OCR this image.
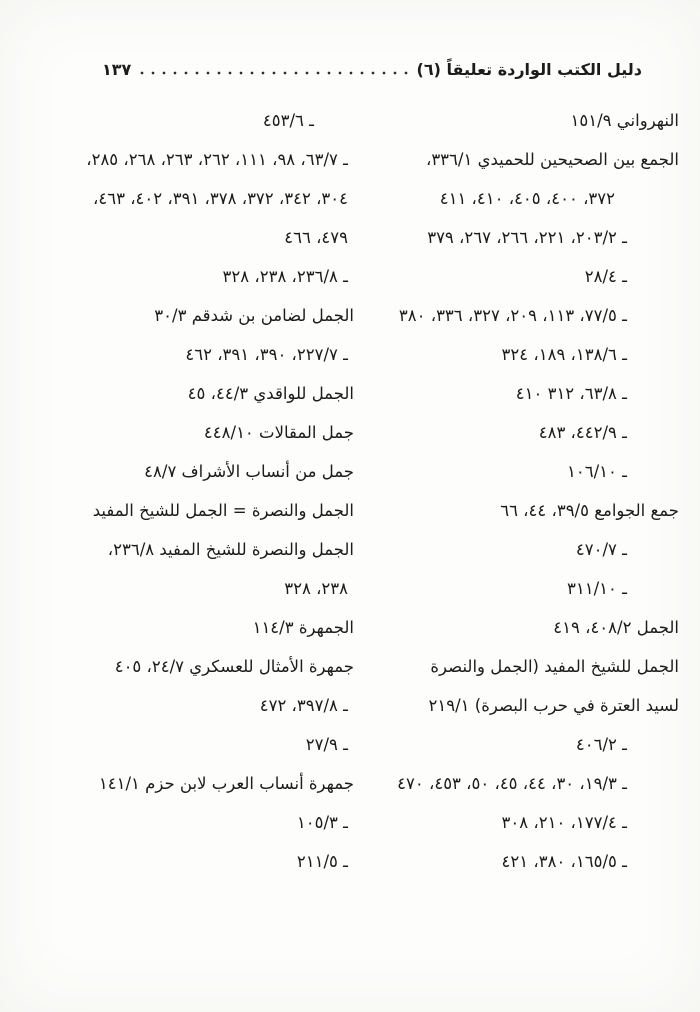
دليل الكتب الواردة تعليقاً (٦)
١٣٧
النهرواني ١٥١/٩
الجمع بين الصحيحين للحميدي ٣٣٦/١،
٣٧٢، ٤٠٠، ٤٠٥، ٤١٠، ٤١١
ـ ٢٠٣/٢، ٢٢١، ٢٦٦، ٢٦٧، ٣٧٩
ـ ٢٨/٤
ـ ٧٧/٥، ١١٣، ٢٠٩، ٣٢٧، ٣٣٦، ٣٨٠
ـ ١٣٨/٦، ١٨٩، ٣٢٤
ـ ٦٣/٨، ٣١٢ ٤١٠
ـ ٤٤٢/٩، ٤٨٣
ـ ١٠٦/١٠
جمع الجوامع ٣٩/٥، ٤٤، ٦٦
ـ ٤٧٠/٧
ـ ٣١١/١٠
الجمل ٤٠٨/٢، ٤١٩
الجمل للشيخ المفيد (الجمل والنصرة
لسيد العترة في حرب البصرة) ٢١٩/١
ـ ٤٠٦/٢
ـ ١٩/٣، ٣٠، ٤٤، ٤٥، ٥٠، ٤٥٣، ٤٧٠
ـ ١٧٧/٤، ٢١٠، ٣٠٨
ـ ١٦٥/٥، ٣٨٠، ٤٢١
ـ ٤٥٣/٦
ـ ٦٣/٧، ٩٨، ١١١، ٢٦٢، ٢٦٣، ٢٦٨، ٢٨٥،
٣٠٤، ٣٤٢، ٣٧٢، ٣٧٨، ٣٩١، ٤٠٢، ٤٦٣،
٤٧٩، ٤٦٦
ـ ٢٣٦/٨، ٢٣٨، ٣٢٨
الجمل لضامن بن شدقم ٣٠/٣
ـ ٢٢٧/٧، ٣٩٠، ٣٩١، ٤٦٢
الجمل للواقدي ٤٤/٣، ٤٥
جمل المقالات ٤٤٨/١٠
جمل من أنساب الأشراف ٤٨/٧
الجمل والنصرة = الجمل للشيخ المفيد
الجمل والنصرة للشيخ المفيد ٢٣٦/٨،
٢٣٨، ٣٢٨
الجمهرة ١١٤/٣
جمهرة الأمثال للعسكري ٢٤/٧، ٤٠٥
ـ ٣٩٧/٨، ٤٧٢
ـ ٢٧/٩
جمهرة أنساب العرب لابن حزم ١٤١/١
ـ ١٠٥/٣
ـ ٢١١/٥
